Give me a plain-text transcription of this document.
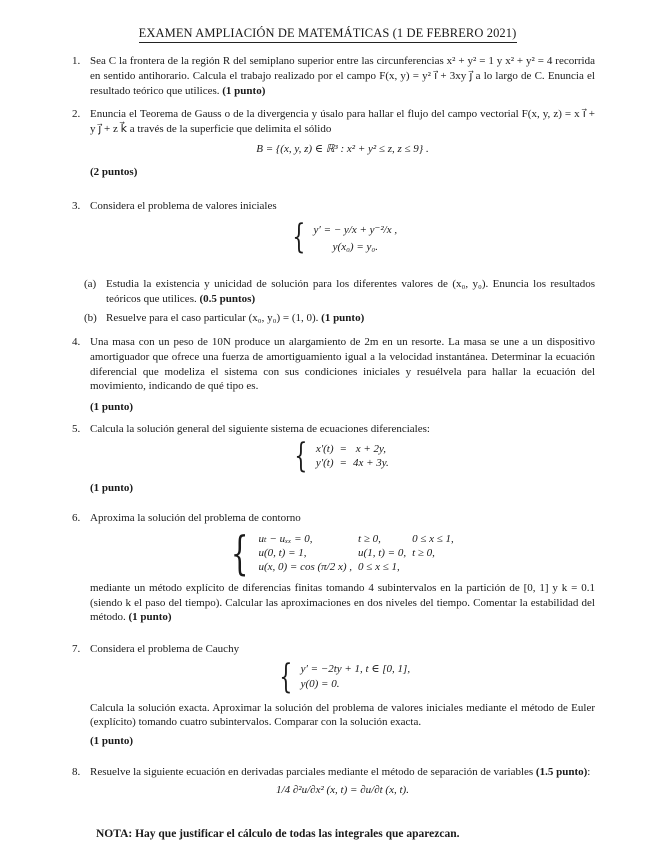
EXAMEN AMPLIACIÓN DE MATEMÁTICAS (1 DE FEBRERO 2021)
1. Sea C la frontera de la región R del semiplano superior entre las circunferencias x² + y² = 1 y x² + y² = 4 recorrida en sentido antihorario. Calcula el trabajo realizado por el campo F(x, y) = y² i⃗ + 3xy j⃗ a lo largo de C. Enuncia el resultado teórico que utilices. (1 punto)

2. Enuncia el Teorema de Gauss o de la divergencia y úsalo para hallar el flujo del campo vectorial F(x, y, z) = x i⃗ + y j⃗ + z k⃗ a través de la superficie que delimita el sólido

B = {(x, y, z) ∈ ℝ³ : x² + y² ≤ z, z ≤ 9} .

(2 puntos)

3. Considera el problema de valores iniciales

{ y′ = − y/x + y⁻²/x ,
y(x₀) = y₀.
(a) Estudia la existencia y unicidad de solución para los diferentes valores de (x₀, y₀). Enuncia los resultados teóricos que utilices. (0.5 puntos)

(b) Resuelve para el caso particular (x₀, y₀) = (1, 0). (1 punto)

4. Una masa con un peso de 10N produce un alargamiento de 2m en un resorte. La masa se une a un dispositivo amortiguador que ofrece una fuerza de amortiguamiento igual a la velocidad instantánea. Determinar la ecuación diferencial que modeliza el sistema con sus condiciones iniciales y resuélvela para hallar la ecuación del movimiento, indicando de qué tipo es.

(1 punto)

5. Calcula la solución general del siguiente sistema de ecuaciones diferenciales:

{ x′(t)	=	x + 2y,
y′(t)	=	4x + 3y.

(1 punto)

6. Aproxima la solución del problema de contorno

{ uₜ − uₓₓ = 0,	t ≥ 0,	0 ≤ x ≤ 1,
u(0, t) = 1,	u(1, t) = 0,	t ≥ 0,
u(x, 0) = cos (π/2 x) ,	0 ≤ x ≤ 1,	

mediante un método explícito de diferencias finitas tomando 4 subintervalos en la partición de [0, 1] y k = 0.1 (siendo k el paso del tiempo). Calcular las aproximaciones en dos niveles del tiempo. Comentar la estabilidad del método. (1 punto)

7. Considera el problema de Cauchy

{ y′ = −2ty + 1, t ∈ [0, 1],
y(0) = 0.

Calcula la solución exacta. Aproximar la solución del problema de valores iniciales mediante el método de Euler (explícito) tomando cuatro subintervalos. Comparar con la solución exacta.

(1 punto)

8. Resuelve la siguiente ecuación en derivadas parciales mediante el método de separación de variables (1.5 punto):

1/4 ∂²u/∂x² (x, t) = ∂u/∂t (x, t).
NOTA: Hay que justificar el cálculo de todas las integrales que aparezcan.
